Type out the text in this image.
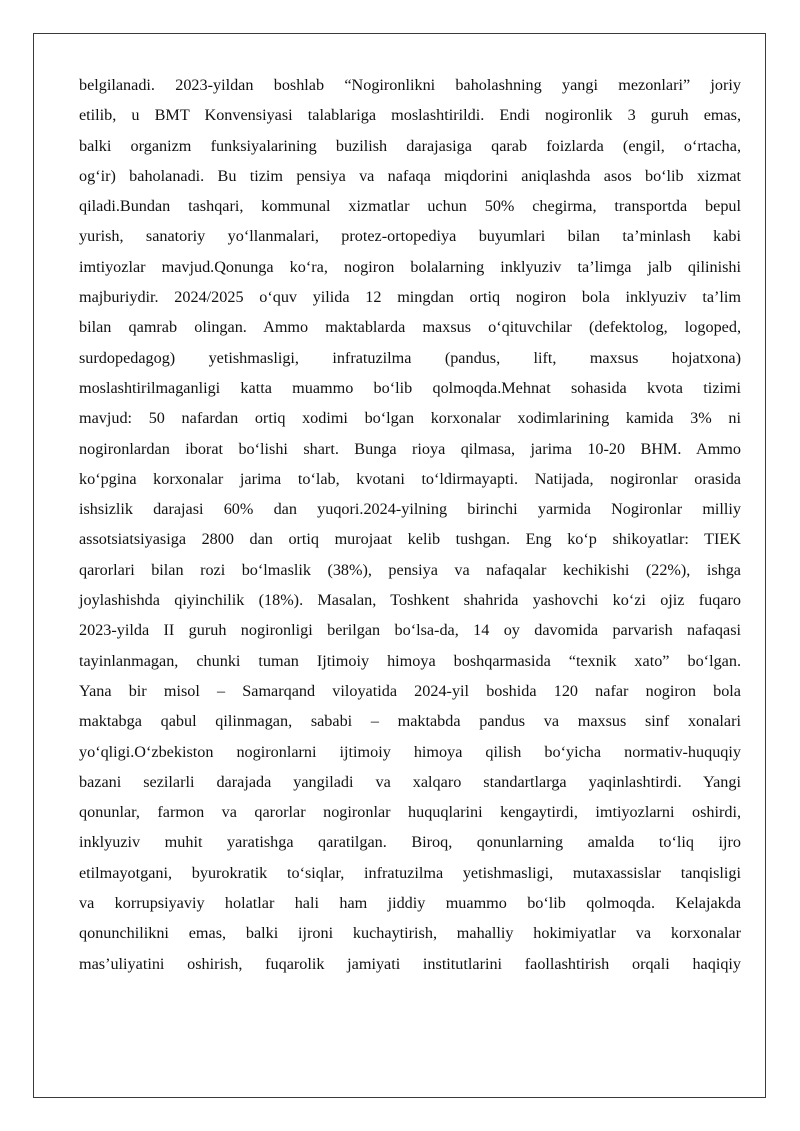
belgilanadi. 2023-yildan boshlab “Nogironlikni baholashning yangi mezonlari” joriy
etilib, u BMT Konvensiyasi talablariga moslashtirildi. Endi nogironlik 3 guruh emas,
balki organizm funksiyalarining buzilish darajasiga qarab foizlarda (engil, o‘rtacha,
og‘ir) baholanadi. Bu tizim pensiya va nafaqa miqdorini aniqlashda asos bo‘lib xizmat
qiladi.Bundan tashqari, kommunal xizmatlar uchun 50% chegirma, transportda bepul
yurish, sanatoriy yo‘llanmalari, protez-ortopediya buyumlari bilan ta’minlash kabi
imtiyozlar mavjud.Qonunga ko‘ra, nogiron bolalarning inklyuziv ta’limga jalb qilinishi
majburiydir. 2024/2025 o‘quv yilida 12 mingdan ortiq nogiron bola inklyuziv ta’lim
bilan qamrab olingan. Ammo maktablarda maxsus o‘qituvchilar (defektolog, logoped,
surdopedagog) yetishmasligi, infratuzilma (pandus, lift, maxsus hojatxona)
moslashtirilmaganligi katta muammo bo‘lib qolmoqda.Mehnat sohasida kvota tizimi
mavjud: 50 nafardan ortiq xodimi bo‘lgan korxonalar xodimlarining kamida 3% ni
nogironlardan iborat bo‘lishi shart. Bunga rioya qilmasa, jarima 10-20 BHM. Ammo
ko‘pgina korxonalar jarima to‘lab, kvotani to‘ldirmayapti. Natijada, nogironlar orasida
ishsizlik darajasi 60% dan yuqori.2024-yilning birinchi yarmida Nogironlar milliy
assotsiatsiyasiga 2800 dan ortiq murojaat kelib tushgan. Eng ko‘p shikoyatlar: TIEK
qarorlari bilan rozi bo‘lmaslik (38%), pensiya va nafaqalar kechikishi (22%), ishga
joylashishda qiyinchilik (18%). Masalan, Toshkent shahrida yashovchi ko‘zi ojiz fuqaro
2023-yilda II guruh nogironligi berilgan bo‘lsa-da, 14 oy davomida parvarish nafaqasi
tayinlanmagan, chunki tuman Ijtimoiy himoya boshqarmasida “texnik xato” bo‘lgan.
Yana bir misol – Samarqand viloyatida 2024-yil boshida 120 nafar nogiron bola
maktabga qabul qilinmagan, sababi – maktabda pandus va maxsus sinf xonalari
yo‘qligi.O‘zbekiston nogironlarni ijtimoiy himoya qilish bo‘yicha normativ-huquqiy
bazani sezilarli darajada yangiladi va xalqaro standartlarga yaqinlashtirdi. Yangi
qonunlar, farmon va qarorlar nogironlar huquqlarini kengaytirdi, imtiyozlarni oshirdi,
inklyuziv muhit yaratishga qaratilgan. Biroq, qonunlarning amalda to‘liq ijro
etilmayotgani, byurokratik to‘siqlar, infratuzilma yetishmasligi, mutaxassislar tanqisligi
va korrupsiyaviy holatlar hali ham jiddiy muammo bo‘lib qolmoqda. Kelajakda
qonunchilikni emas, balki ijroni kuchaytirish, mahalliy hokimiyatlar va korxonalar
mas’uliyatini oshirish, fuqarolik jamiyati institutlarini faollashtirish orqali haqiqiy
